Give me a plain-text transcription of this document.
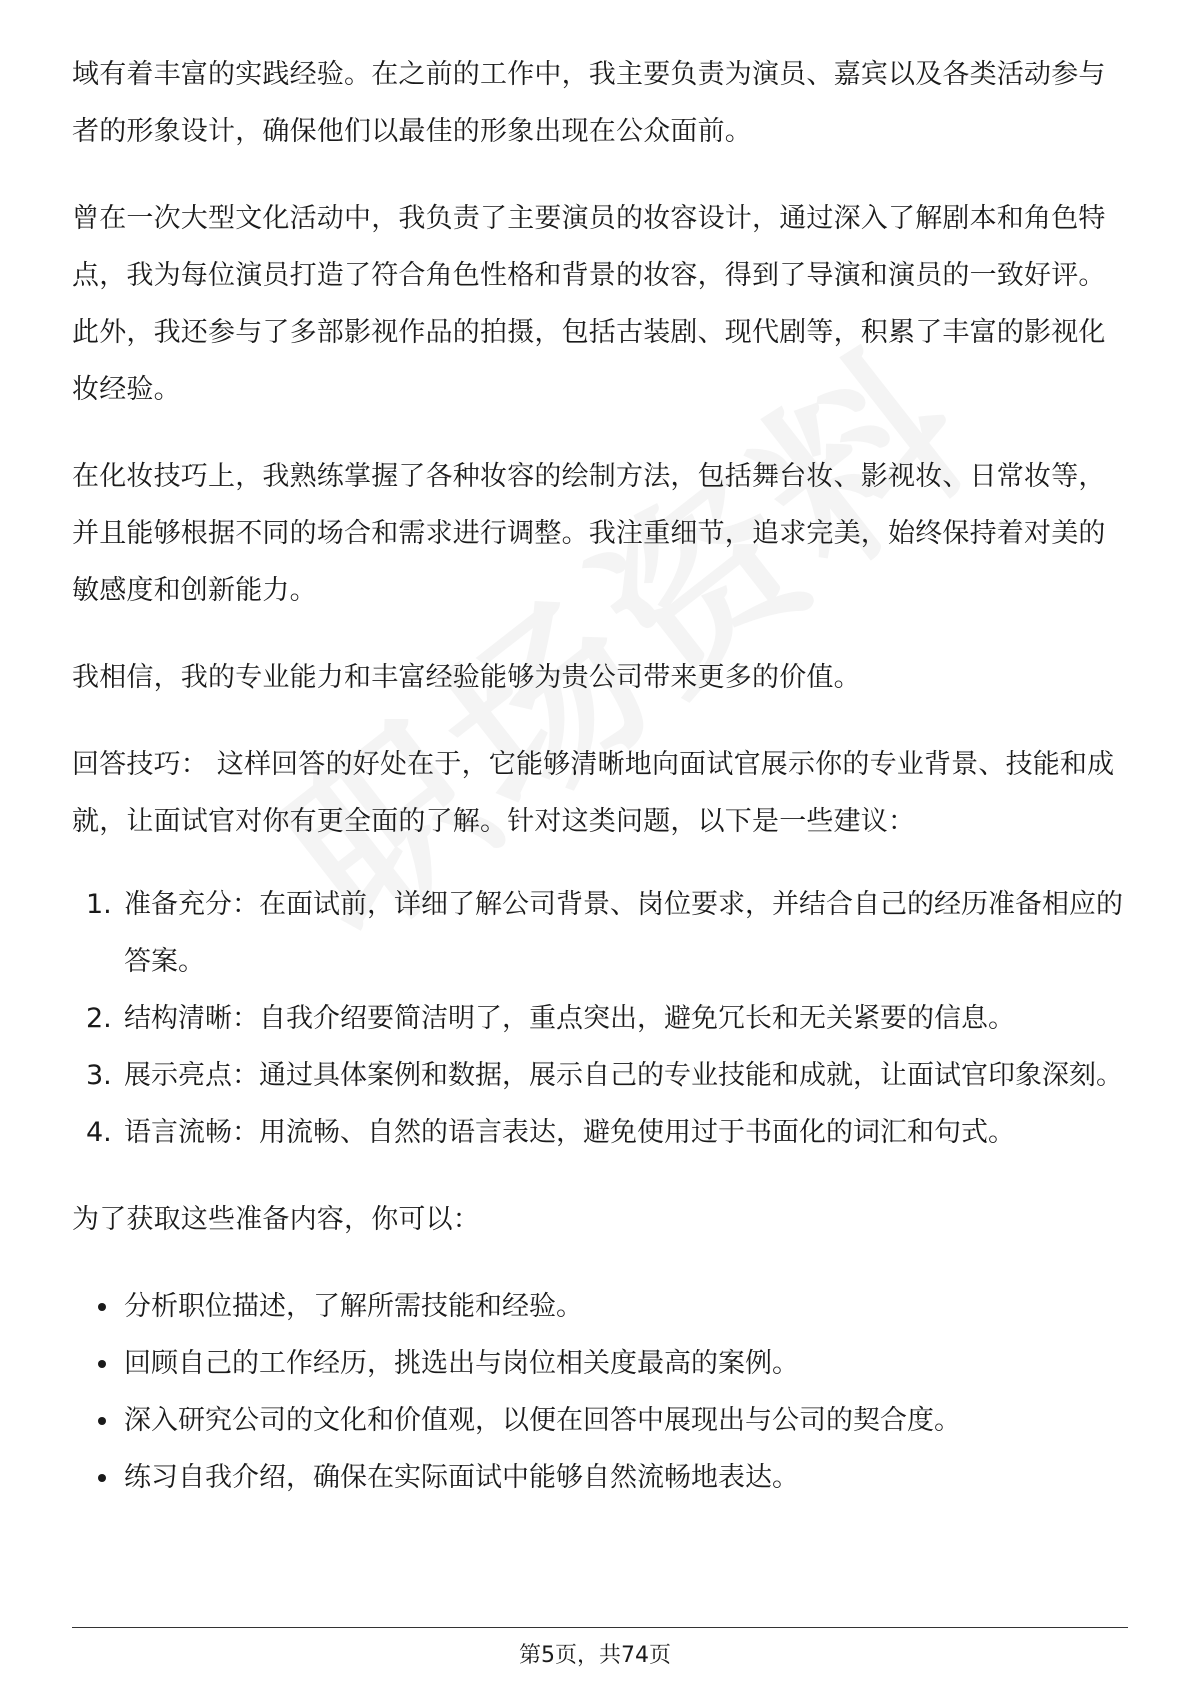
域有着丰富的实践经验。在之前的工作中，我主要负责为演员、嘉宾以及各类活动参与者的形象设计，确保他们以最佳的形象出现在公众面前。

曾在一次大型文化活动中，我负责了主要演员的妆容设计，通过深入了解剧本和角色特点，我为每位演员打造了符合角色性格和背景的妆容，得到了导演和演员的一致好评。此外，我还参与了多部影视作品的拍摄，包括古装剧、现代剧等，积累了丰富的影视化妆经验。

在化妆技巧上，我熟练掌握了各种妆容的绘制方法，包括舞台妆、影视妆、日常妆等，并且能够根据不同的场合和需求进行调整。我注重细节，追求完美，始终保持着对美的敏感度和创新能力。

我相信，我的专业能力和丰富经验能够为贵公司带来更多的价值。

回答技巧： 这样回答的好处在于，它能够清晰地向面试官展示你的专业背景、技能和成就，让面试官对你有更全面的了解。针对这类问题，以下是一些建议：

1. 准备充分：在面试前，详细了解公司背景、岗位要求，并结合自己的经历准备相应的答案。
2. 结构清晰：自我介绍要简洁明了，重点突出，避免冗长和无关紧要的信息。
3. 展示亮点：通过具体案例和数据，展示自己的专业技能和成就，让面试官印象深刻。
4. 语言流畅：用流畅、自然的语言表达，避免使用过于书面化的词汇和句式。

为了获取这些准备内容，你可以：

分析职位描述，了解所需技能和经验。
回顾自己的工作经历，挑选出与岗位相关度最高的案例。
深入研究公司的文化和价值观，以便在回答中展现出与公司的契合度。
练习自我介绍，确保在实际面试中能够自然流畅地表达。
第5页，共74页
